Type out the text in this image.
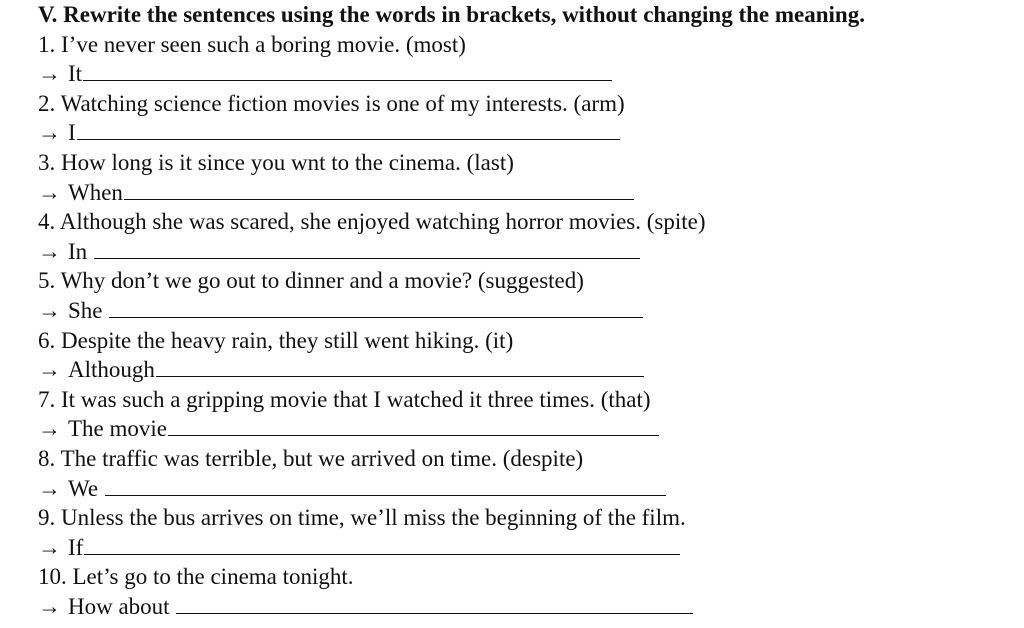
V. Rewrite the sentences using the words in brackets, without changing the meaning.
1. I’ve never seen such a boring movie. (most)
→ It
2. Watching science fiction movies is one of my interests. (arm)
→ I
3. How long is it since you wnt to the cinema. (last)
→ When
4. Although she was scared, she enjoyed watching horror movies. (spite)
→ In
5. Why don’t we go out to dinner and a movie? (suggested)
→ She
6. Despite the heavy rain, they still went hiking. (it)
→ Although
7. It was such a gripping movie that I watched it three times. (that)
→ The movie
8. The traffic was terrible, but we arrived on time. (despite)
→ We
9. Unless the bus arrives on time, we’ll miss the beginning of the film.
→ If
10. Let’s go to the cinema tonight.
→ How about
